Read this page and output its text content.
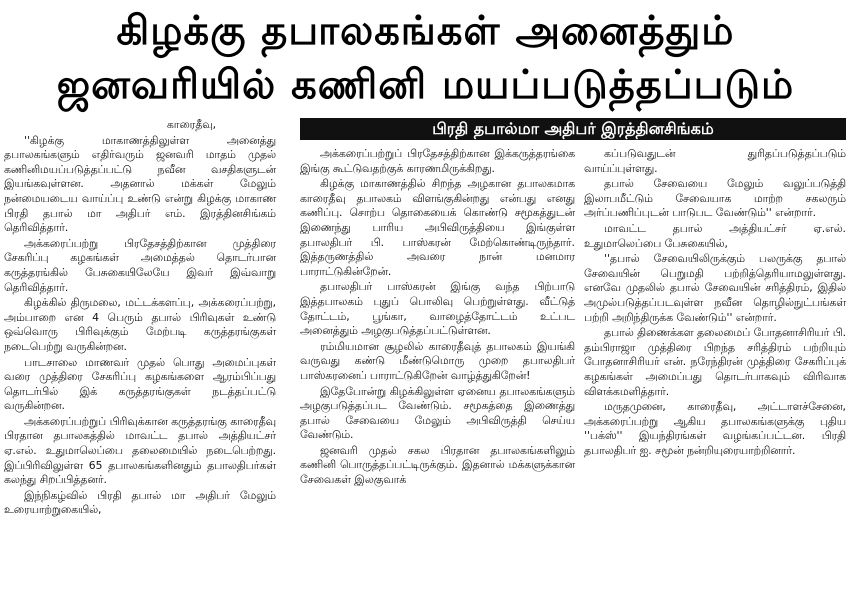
கிழக்கு தபாலகங்கள் அனைத்தும்
ஜனவரியில் கணினி மயப்படுத்தப்படும்

காரைதீவு,

''கிழக்கு மாகாணத்திலுள்ள அனைத்து தபாலகங்களும் எதிர்வரும் ஜனவரி மாதம் முதல் கணினிமயப்படுத்தப்பட்டு நவீன வசதிகளுடன் இயங்கவுள்ளன. அதனால் மக்கள் மேலும் நன்மையடைய வாய்ப்பு உண்டு என்று கிழக்கு மாகாண பிரதி தபால் மா அதிபர் எம். இரத்தினசிங்கம் தெரிவித்தார்.

அக்கரைப்பற்று பிரதேசத்திற்கான முத்திரை சேகரிப்பு கழகங்கள் அமைத்தல் தொடர்பான கருத்தரங்கில் பேசுகையிலேயே இவர் இவ்வாறு தெரிவித்தார்.

கிழக்கில் திருமலை, மட்டக்களப்பு, அக்கரைப்பற்று, அம்பாறை என 4 பெரும் தபால் பிரிவுகள் உண்டு ஒவ்வொரு பிரிவுக்கும் மேற்படி கருத்தரங்குகள் நடைபெற்று வருகின்றன.

பாடசாலை மாணவர் முதல் பொது அமைப்புகள் வரை முத்திரை சேகரிப்பு கழகங்களை ஆரம்பிப்பது தொடர்பில் இக் கருத்தரங்குகள் நடத்தப்பட்டு வருகின்றன.

அக்கரைப்பற்றுப் பிரிவுக்கான கருத்தரங்கு காரைதீவு பிரதான தபாலகத்தில் மாவட்ட தபால் அத்தியட்சர் ஏ.எல். உதுமாலெப்பை தலைமையில் நடைபெற்றது. இப்பிரிவிலுள்ள 65 தபாலகங்களினதும் தபாலதிபர்கள் கலந்து சிறப்பித்தனர்.

இந்நிகழ்வில் பிரதி தபால் மா அதிபர் மேலும் உரையாற்றுகையில்,

பிரதி தபால்மா அதிபர் இரத்தினசிங்கம்

அக்கரைப்பற்றுப் பிரதேசத்திற்கான இக்கருத்தரங்கை இங்கு கூட்டுவதற்குக் காரணமிருக்கிறது.

கிழக்கு மாகாணத்தில் சிறந்த அழகான தபாலகமாக காரைதீவு தபாலகம் விளங்குகின்றது என்பது எனது கணிப்பு. சொற்ப தொகையைக் கொண்டு சமூகத்துடன் இணைந்து பாரிய அபிவிருத்தியை இங்குள்ள தபாலதிபர் பி. பாஸ்கரன் மேற்கொண்டிருந்தார். இத்தருணத்தில் அவரை நான் மனமார பாராட்டுகின்றேன்.

தபாலதிபர் பாஸ்கரன் இங்கு வந்த பிற்பாடு இத்தபாலகம் புதுப் பொலிவு பெற்றுள்ளது. வீட்டுத் தோட்டம், பூங்கா, வாழைத்தோட்டம் உட்பட அனைத்தும் அழகுபடுத்தப்பட்டுள்ளன.

ரம்மியமான சூழலில் காரைதீவுத் தபாலகம் இயங்கி வருவது கண்டு மீண்டுமொரு முறை தபாலதிபர் பாஸ்கரனைப் பாராட்டுகிறேன் வாழ்த்துகிறேன்!

இதேபோன்று கிழக்கிலுள்ள ஏனைய தபாலகங்களும் அழகுபடுத்தப்பட வேண்டும். சமூகத்தை இணைத்து தபால் சேவையை மேலும் அபிவிருத்தி செய்ய வேண்டும்.

ஜனவரி முதல் சகல பிரதான தபாலகங்களிலும் கணினி பொருத்தப்பட்டிருக்கும். இதனால் மக்களுக்கான சேவைகள் இலகுவாக்

கப்படுவதுடன் துரிதப்படுத்தப்படும் வாய்ப்புள்ளது.

தபால் சேவையை மேலும் வலுப்படுத்தி இலாபமீட்டும் சேவையாக மாற்ற சகலரும் அர்ப்பணிப்புடன் பாடுபட வேண்டும்'' என்றார்.

மாவட்ட தபால் அத்தியட்சர் ஏ.எல். உதுமாலெப்பை பேசுகையில்,

''தபால் சேவையிலிருக்கும் பலருக்கு தபால் சேவையின் பெறுமதி பற்றித்தெரியாமலுள்ளது. எனவே முதலில் தபால் சேவையின் சரித்திரம், இதில் அமுல்படுத்தப்படவுள்ள நவீன தொழில்நுட்பங்கள் பற்றி அறிந்திருக்க வேண்டும்'' என்றார்.

தபால் திணைக்கள தலைமைப் போதனாசிரியர் பி. தம்பிராஜா முத்திரை பிறந்த சரித்திரம் பற்றியும் போதனாசிரியர் என். நரேந்திரன் முத்திரை சேகரிப்புக் கழகங்கள் அமைப்பது தொடர்பாகவும் விரிவாக விளக்கமளித்தார்.

மருதமுனை, காரைதீவு, அட்டாளச்சேனை, அக்கரைப்பற்று ஆகிய தபாலகங்களுக்கு புதிய ''பக்ஸ்'' இயந்திரங்கள் வழங்கப்பட்டன. பிரதி தபாலதிபர் ஐ. சமூன் நன்றியுரையாற்றினார்.
